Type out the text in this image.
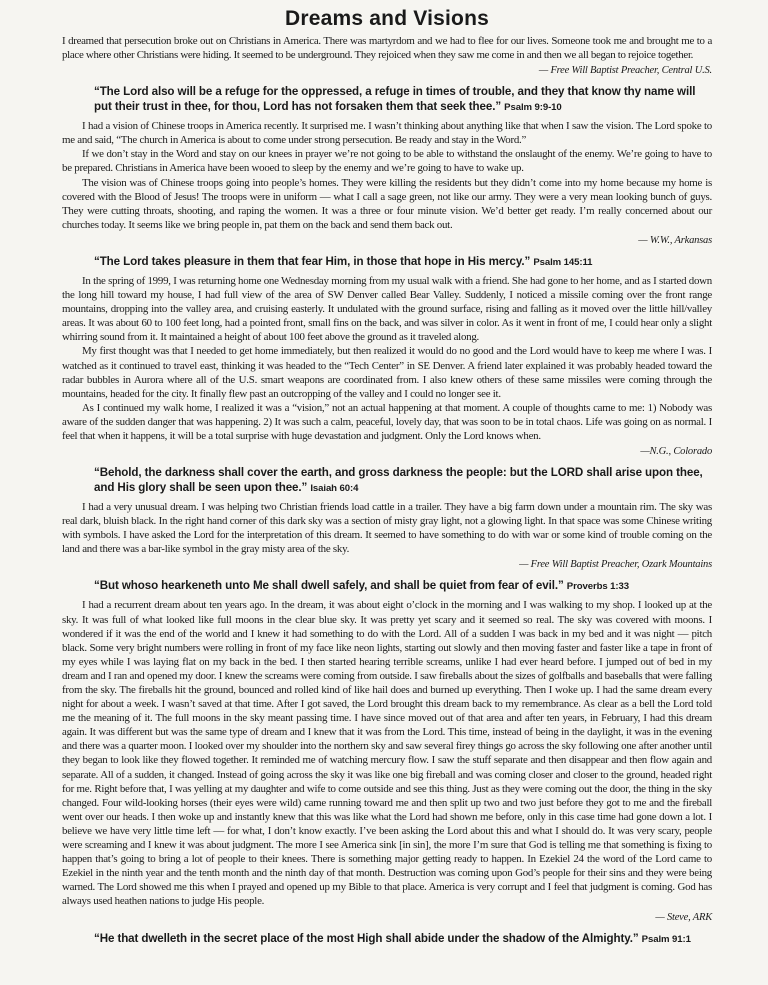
Dreams and Visions

I dreamed that persecution broke out on Christians in America. There was martyrdom and we had to flee for our lives. Someone took me and brought me to a place where other Christians were hiding. It seemed to be underground. They rejoiced when they saw me come in and then we all began to rejoice together.

— Free Will Baptist Preacher, Central U.S.

“The Lord also will be a refuge for the oppressed, a refuge in times of trouble, and they that know thy name will put their trust in thee, for thou, Lord has not forsaken them that seek thee.” Psalm 9:9-10

I had a vision of Chinese troops in America recently. It surprised me. I wasn’t thinking about anything like that when I saw the vision. The Lord spoke to me and said, “The church in America is about to come under strong persecution. Be ready and stay in the Word.”

If we don’t stay in the Word and stay on our knees in prayer we’re not going to be able to withstand the onslaught of the enemy. We’re going to have to be prepared. Christians in America have been wooed to sleep by the enemy and we’re going to have to wake up.

The vision was of Chinese troops going into people’s homes. They were killing the residents but they didn’t come into my home because my home is covered with the Blood of Jesus! The troops were in uniform — what I call a sage green, not like our army. They were a very mean looking bunch of guys. They were cutting throats, shooting, and raping the women. It was a three or four minute vision. We’d better get ready. I’m really concerned about our churches today. It seems like we bring people in, pat them on the back and send them back out.

— W.W., Arkansas

“The Lord takes pleasure in them that fear Him, in those that hope in His mercy.” Psalm 145:11

In the spring of 1999, I was returning home one Wednesday morning from my usual walk with a friend. She had gone to her home, and as I started down the long hill toward my house, I had full view of the area of SW Denver called Bear Valley. Suddenly, I noticed a missile coming over the front range mountains, dropping into the valley area, and cruising easterly. It undulated with the ground surface, rising and falling as it moved over the little hill/valley areas. It was about 60 to 100 feet long, had a pointed front, small fins on the back, and was silver in color. As it went in front of me, I could hear only a slight whirring sound from it. It maintained a height of about 100 feet above the ground as it traveled along.

My first thought was that I needed to get home immediately, but then realized it would do no good and the Lord would have to keep me where I was. I watched as it continued to travel east, thinking it was headed to the “Tech Center” in SE Denver. A friend later explained it was probably headed toward the radar bubbles in Aurora where all of the U.S. smart weapons are coordinated from. I also knew others of these same missiles were coming through the mountains, headed for the city. It finally flew past an outcropping of the valley and I could no longer see it.

As I continued my walk home, I realized it was a “vision,” not an actual happening at that moment. A couple of thoughts came to me: 1) Nobody was aware of the sudden danger that was happening. 2) It was such a calm, peaceful, lovely day, that was soon to be in total chaos. Life was going on as normal. I feel that when it happens, it will be a total surprise with huge devastation and judgment. Only the Lord knows when.

—N.G., Colorado

“Behold, the darkness shall cover the earth, and gross darkness the people: but the LORD shall arise upon thee, and His glory shall be seen upon thee.” Isaiah 60:4

I had a very unusual dream. I was helping two Christian friends load cattle in a trailer. They have a big farm down under a mountain rim. The sky was real dark, bluish black. In the right hand corner of this dark sky was a section of misty gray light, not a glowing light. In that space was some Chinese writing with symbols. I have asked the Lord for the interpretation of this dream. It seemed to have something to do with war or some kind of trouble coming on the land and there was a bar-like symbol in the gray misty area of the sky.

— Free Will Baptist Preacher, Ozark Mountains

“But whoso hearkeneth unto Me shall dwell safely, and shall be quiet from fear of evil.” Proverbs 1:33

I had a recurrent dream about ten years ago. In the dream, it was about eight o’clock in the morning and I was walking to my shop. I looked up at the sky. It was full of what looked like full moons in the clear blue sky. It was pretty yet scary and it seemed so real. The sky was covered with moons. I wondered if it was the end of the world and I knew it had something to do with the Lord. All of a sudden I was back in my bed and it was night — pitch black. Some very bright numbers were rolling in front of my face like neon lights, starting out slowly and then moving faster and faster like a tape in front of my eyes while I was laying flat on my back in the bed. I then started hearing terrible screams, unlike I had ever heard before. I jumped out of bed in my dream and I ran and opened my door. I knew the screams were coming from outside. I saw fireballs about the sizes of golfballs and baseballs that were falling from the sky. The fireballs hit the ground, bounced and rolled kind of like hail does and burned up everything. Then I woke up. I had the same dream every night for about a week. I wasn’t saved at that time. After I got saved, the Lord brought this dream back to my remembrance. As clear as a bell the Lord told me the meaning of it. The full moons in the sky meant passing time. I have since moved out of that area and after ten years, in February, I had this dream again. It was different but was the same type of dream and I knew that it was from the Lord. This time, instead of being in the daylight, it was in the evening and there was a quarter moon. I looked over my shoulder into the northern sky and saw several firey things go across the sky following one after another until they began to look like they flowed together. It reminded me of watching mercury flow. I saw the stuff separate and then disappear and then flow again and separate. All of a sudden, it changed. Instead of going across the sky it was like one big fireball and was coming closer and closer to the ground, headed right for me. Right before that, I was yelling at my daughter and wife to come outside and see this thing. Just as they were coming out the door, the thing in the sky changed. Four wild-looking horses (their eyes were wild) came running toward me and then split up two and two just before they got to me and the fireball went over our heads. I then woke up and instantly knew that this was like what the Lord had shown me before, only in this case time had gone down a lot. I believe we have very little time left — for what, I don’t know exactly. I’ve been asking the Lord about this and what I should do. It was very scary, people were screaming and I knew it was about judgment. The more I see America sink [in sin], the more I’m sure that God is telling me that something is fixing to happen that’s going to bring a lot of people to their knees. There is something major getting ready to happen. In Ezekiel 24 the word of the Lord came to Ezekiel in the ninth year and the tenth month and the ninth day of that month. Destruction was coming upon God’s people for their sins and they were being warned. The Lord showed me this when I prayed and opened up my Bible to that place. America is very corrupt and I feel that judgment is coming. God has always used heathen nations to judge His people.

— Steve, ARK

“He that dwelleth in the secret place of the most High shall abide under the shadow of the Almighty.” Psalm 91:1
